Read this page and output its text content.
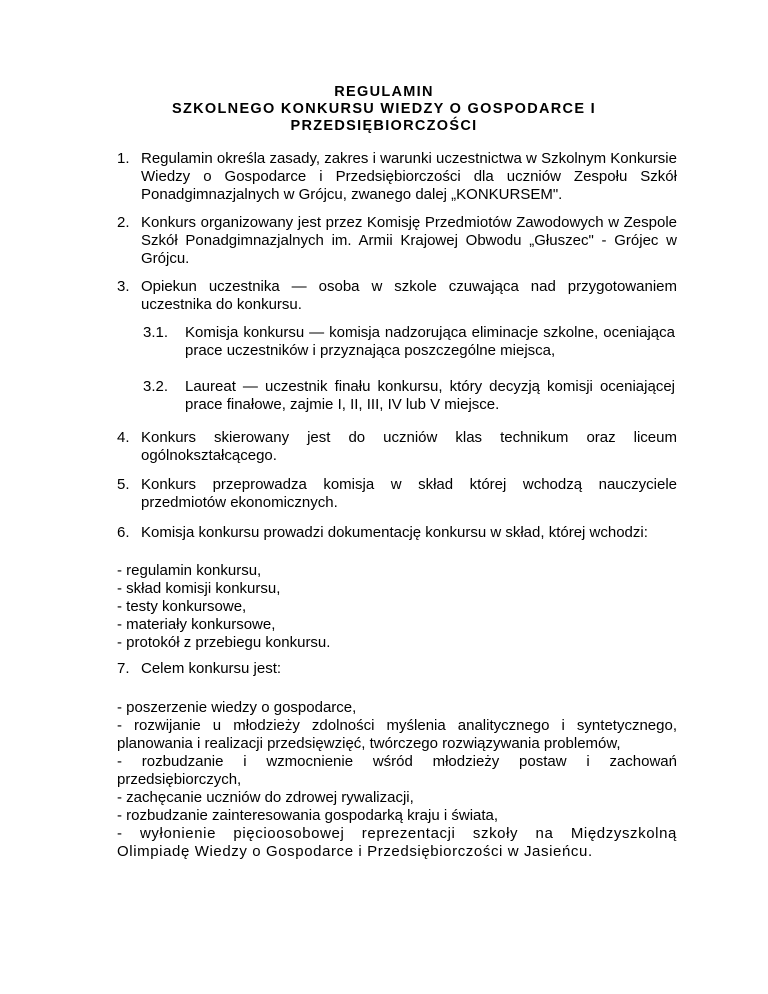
REGULAMIN
SZKOLNEGO KONKURSU WIEDZY O GOSPODARCE I
PRZEDSIĘBIORCZOŚCI
1. Regulamin określa zasady, zakres i warunki uczestnictwa w Szkolnym Konkursie Wiedzy o Gospodarce i Przedsiębiorczości dla uczniów Zespołu Szkół Ponadgimnazjalnych w Grójcu, zwanego dalej „KONKURSEM".
2. Konkurs organizowany jest przez Komisję Przedmiotów Zawodowych w Zespole Szkół Ponadgimnazjalnych im. Armii Krajowej Obwodu „Głuszec" - Grójec w Grójcu.
3. Opiekun uczestnika — osoba w szkole czuwająca nad przygotowaniem uczestnika do konkursu.
3.1.	Komisja konkursu — komisja nadzorująca eliminacje szkolne, oceniająca prace uczestników i przyznająca poszczególne miejsca,
3.2.	Laureat — uczestnik finału konkursu, który decyzją komisji oceniającej prace finałowe, zajmie I, II, III, IV lub V miejsce.
4. Konkurs skierowany jest do uczniów klas technikum oraz liceum ogólnokształcącego.
5. Konkurs przeprowadza komisja w skład której wchodzą nauczyciele przedmiotów ekonomicznych.
6. Komisja konkursu prowadzi dokumentację konkursu w skład, której wchodzi:
- regulamin konkursu,
- skład komisji konkursu,
- testy konkursowe,
- materiały konkursowe,
- protokół z przebiegu konkursu.
7. Celem konkursu jest:
- poszerzenie wiedzy o gospodarce,
- rozwijanie u młodzieży zdolności myślenia analitycznego i syntetycznego, planowania i realizacji przedsięwzięć, twórczego rozwiązywania problemów,
- rozbudzanie i wzmocnienie wśród młodzieży postaw i zachowań przedsiębiorczych,
- zachęcanie uczniów do zdrowej rywalizacji,
- rozbudzanie zainteresowania gospodarką kraju i świata,
- wyłonienie pięcioosobowej reprezentacji szkoły na Międzyszkolną Olimpiadę Wiedzy o Gospodarce i Przedsiębiorczości w Jasieńcu.
